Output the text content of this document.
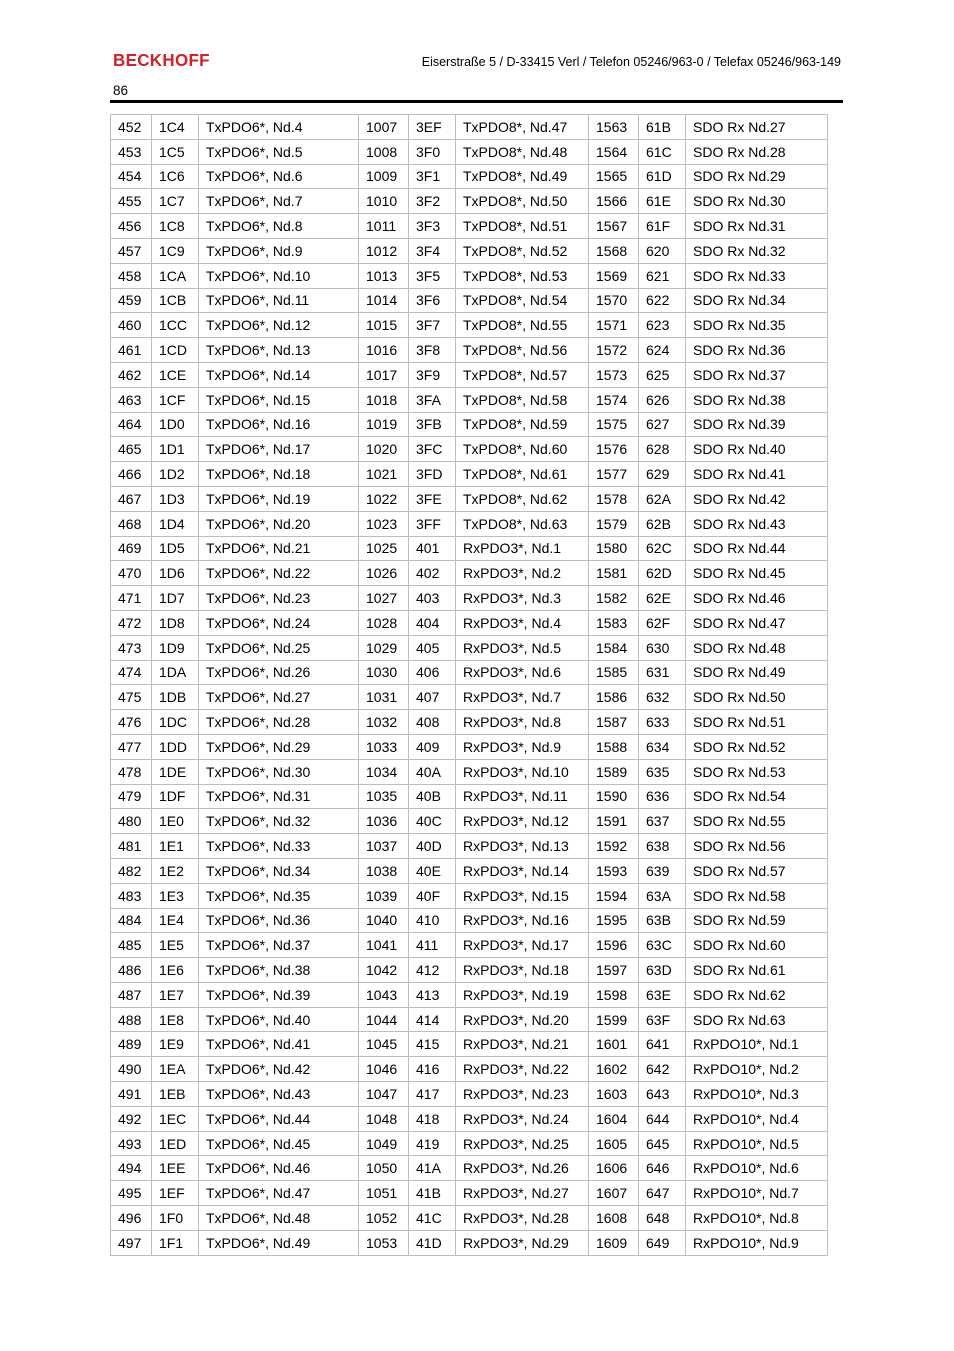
BECKHOFF	Eiserstraße 5 / D-33415 Verl / Telefon 05246/963-0 / Telefax 05246/963-149
86
452	1C4	TxPDO6*, Nd.4	1007	3EF	TxPDO8*, Nd.47	1563	61B	SDO Rx Nd.27
453	1C5	TxPDO6*, Nd.5	1008	3F0	TxPDO8*, Nd.48	1564	61C	SDO Rx Nd.28
454	1C6	TxPDO6*, Nd.6	1009	3F1	TxPDO8*, Nd.49	1565	61D	SDO Rx Nd.29
455	1C7	TxPDO6*, Nd.7	1010	3F2	TxPDO8*, Nd.50	1566	61E	SDO Rx Nd.30
456	1C8	TxPDO6*, Nd.8	1011	3F3	TxPDO8*, Nd.51	1567	61F	SDO Rx Nd.31
457	1C9	TxPDO6*, Nd.9	1012	3F4	TxPDO8*, Nd.52	1568	620	SDO Rx Nd.32
458	1CA	TxPDO6*, Nd.10	1013	3F5	TxPDO8*, Nd.53	1569	621	SDO Rx Nd.33
459	1CB	TxPDO6*, Nd.11	1014	3F6	TxPDO8*, Nd.54	1570	622	SDO Rx Nd.34
460	1CC	TxPDO6*, Nd.12	1015	3F7	TxPDO8*, Nd.55	1571	623	SDO Rx Nd.35
461	1CD	TxPDO6*, Nd.13	1016	3F8	TxPDO8*, Nd.56	1572	624	SDO Rx Nd.36
462	1CE	TxPDO6*, Nd.14	1017	3F9	TxPDO8*, Nd.57	1573	625	SDO Rx Nd.37
463	1CF	TxPDO6*, Nd.15	1018	3FA	TxPDO8*, Nd.58	1574	626	SDO Rx Nd.38
464	1D0	TxPDO6*, Nd.16	1019	3FB	TxPDO8*, Nd.59	1575	627	SDO Rx Nd.39
465	1D1	TxPDO6*, Nd.17	1020	3FC	TxPDO8*, Nd.60	1576	628	SDO Rx Nd.40
466	1D2	TxPDO6*, Nd.18	1021	3FD	TxPDO8*, Nd.61	1577	629	SDO Rx Nd.41
467	1D3	TxPDO6*, Nd.19	1022	3FE	TxPDO8*, Nd.62	1578	62A	SDO Rx Nd.42
468	1D4	TxPDO6*, Nd.20	1023	3FF	TxPDO8*, Nd.63	1579	62B	SDO Rx Nd.43
469	1D5	TxPDO6*, Nd.21	1025	401	RxPDO3*, Nd.1	1580	62C	SDO Rx Nd.44
470	1D6	TxPDO6*, Nd.22	1026	402	RxPDO3*, Nd.2	1581	62D	SDO Rx Nd.45
471	1D7	TxPDO6*, Nd.23	1027	403	RxPDO3*, Nd.3	1582	62E	SDO Rx Nd.46
472	1D8	TxPDO6*, Nd.24	1028	404	RxPDO3*, Nd.4	1583	62F	SDO Rx Nd.47
473	1D9	TxPDO6*, Nd.25	1029	405	RxPDO3*, Nd.5	1584	630	SDO Rx Nd.48
474	1DA	TxPDO6*, Nd.26	1030	406	RxPDO3*, Nd.6	1585	631	SDO Rx Nd.49
475	1DB	TxPDO6*, Nd.27	1031	407	RxPDO3*, Nd.7	1586	632	SDO Rx Nd.50
476	1DC	TxPDO6*, Nd.28	1032	408	RxPDO3*, Nd.8	1587	633	SDO Rx Nd.51
477	1DD	TxPDO6*, Nd.29	1033	409	RxPDO3*, Nd.9	1588	634	SDO Rx Nd.52
478	1DE	TxPDO6*, Nd.30	1034	40A	RxPDO3*, Nd.10	1589	635	SDO Rx Nd.53
479	1DF	TxPDO6*, Nd.31	1035	40B	RxPDO3*, Nd.11	1590	636	SDO Rx Nd.54
480	1E0	TxPDO6*, Nd.32	1036	40C	RxPDO3*, Nd.12	1591	637	SDO Rx Nd.55
481	1E1	TxPDO6*, Nd.33	1037	40D	RxPDO3*, Nd.13	1592	638	SDO Rx Nd.56
482	1E2	TxPDO6*, Nd.34	1038	40E	RxPDO3*, Nd.14	1593	639	SDO Rx Nd.57
483	1E3	TxPDO6*, Nd.35	1039	40F	RxPDO3*, Nd.15	1594	63A	SDO Rx Nd.58
484	1E4	TxPDO6*, Nd.36	1040	410	RxPDO3*, Nd.16	1595	63B	SDO Rx Nd.59
485	1E5	TxPDO6*, Nd.37	1041	411	RxPDO3*, Nd.17	1596	63C	SDO Rx Nd.60
486	1E6	TxPDO6*, Nd.38	1042	412	RxPDO3*, Nd.18	1597	63D	SDO Rx Nd.61
487	1E7	TxPDO6*, Nd.39	1043	413	RxPDO3*, Nd.19	1598	63E	SDO Rx Nd.62
488	1E8	TxPDO6*, Nd.40	1044	414	RxPDO3*, Nd.20	1599	63F	SDO Rx Nd.63
489	1E9	TxPDO6*, Nd.41	1045	415	RxPDO3*, Nd.21	1601	641	RxPDO10*, Nd.1
490	1EA	TxPDO6*, Nd.42	1046	416	RxPDO3*, Nd.22	1602	642	RxPDO10*, Nd.2
491	1EB	TxPDO6*, Nd.43	1047	417	RxPDO3*, Nd.23	1603	643	RxPDO10*, Nd.3
492	1EC	TxPDO6*, Nd.44	1048	418	RxPDO3*, Nd.24	1604	644	RxPDO10*, Nd.4
493	1ED	TxPDO6*, Nd.45	1049	419	RxPDO3*, Nd.25	1605	645	RxPDO10*, Nd.5
494	1EE	TxPDO6*, Nd.46	1050	41A	RxPDO3*, Nd.26	1606	646	RxPDO10*, Nd.6
495	1EF	TxPDO6*, Nd.47	1051	41B	RxPDO3*, Nd.27	1607	647	RxPDO10*, Nd.7
496	1F0	TxPDO6*, Nd.48	1052	41C	RxPDO3*, Nd.28	1608	648	RxPDO10*, Nd.8
497	1F1	TxPDO6*, Nd.49	1053	41D	RxPDO3*, Nd.29	1609	649	RxPDO10*, Nd.9
